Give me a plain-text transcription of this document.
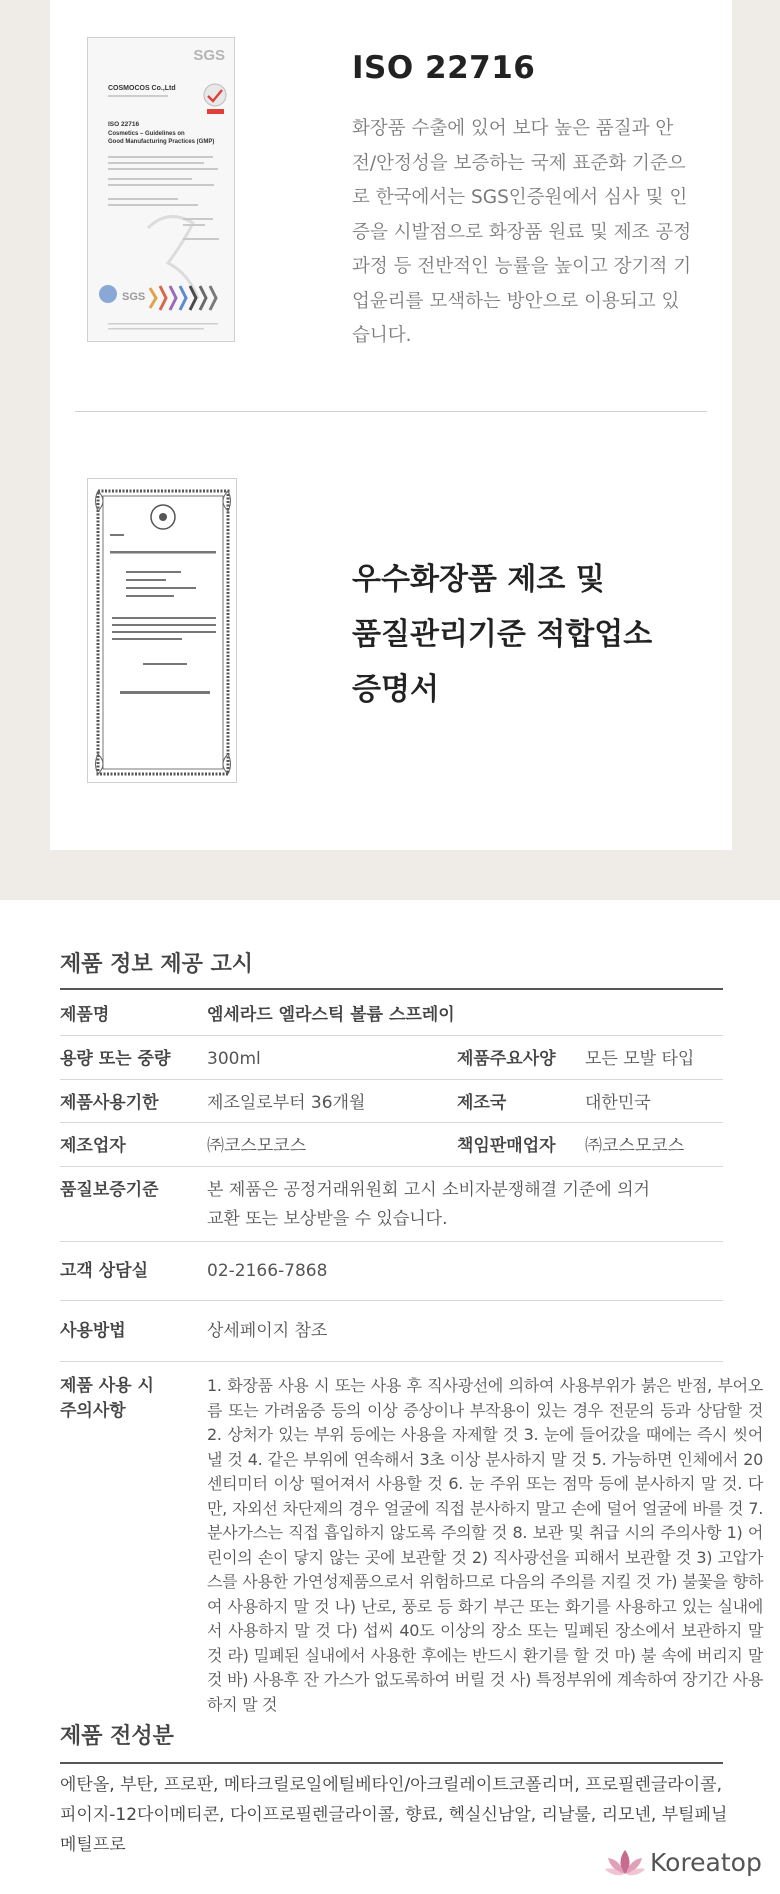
SGS
COSMOCOS Co.,Ltd
ISO 22716
Cosmetics – Guidelines on
Good Manufacturing Practices (GMP)
SGS
ISO 22716
화장품 수출에 있어 보다 높은 품질과 안전/안정성을 보증하는 국제 표준화 기준으로 한국에서는 SGS인증원에서 심사 및 인증을 시발점으로 화장품 원료 및 제조 공정과정 등 전반적인 능률을 높이고 장기적 기업윤리를 모색하는 방안으로 이용되고 있습니다.
우수화장품 제조 및
품질관리기준 적합업소
증명서
제품 정보 제공 고시
제품명	엠세라드 엘라스틱 볼륨 스프레이
용량 또는 중량 300ml	제품주요사양 모든 모발 타입
제품사용기한	제조일로부터 36개월	제조국	대한민국
제조업자	㈜코스모코스	책임판매업자 ㈜코스모코스
품질보증기준	본 제품은 공정거래위원회 고시 소비자분쟁해결 기준에 의거
교환 또는 보상받을 수 있습니다.
고객 상담실	02-2166-7868
사용방법	상세페이지 참조
제품 사용 시
주의사항
1. 화장품 사용 시 또는 사용 후 직사광선에 의하여 사용부위가 붉은 반점, 부어오름 또는 가려움증 등의 이상 증상이나 부작용이 있는 경우 전문의 등과 상담할 것 2. 상처가 있는 부위 등에는 사용을 자제할 것 3. 눈에 들어갔을 때에는 즉시 씻어낼 것 4. 같은 부위에 연속해서 3초 이상 분사하지 말 것 5. 가능하면 인체에서 20센티미터 이상 떨어져서 사용할 것 6. 눈 주위 또는 점막 등에 분사하지 말 것. 다만, 자외선 차단제의 경우 얼굴에 직접 분사하지 말고 손에 덜어 얼굴에 바를 것 7. 분사가스는 직접 흡입하지 않도록 주의할 것 8. 보관 및 취급 시의 주의사항 1) 어린이의 손이 닿지 않는 곳에 보관할 것 2) 직사광선을 피해서 보관할 것 3) 고압가스를 사용한 가연성제품으로서 위험하므로 다음의 주의를 지킬 것 가) 불꽃을 향하여 사용하지 말 것 나) 난로, 풍로 등 화기 부근 또는 화기를 사용하고 있는 실내에서 사용하지 말 것 다) 섭씨 40도 이상의 장소 또는 밀폐된 장소에서 보관하지 말 것 라) 밀폐된 실내에서 사용한 후에는 반드시 환기를 할 것 마) 불 속에 버리지 말 것 바) 사용후 잔 가스가 없도록하여 버릴 것 사) 특정부위에 계속하여 장기간 사용하지 말 것
제품 전성분
에탄올, 부탄, 프로판, 메타크릴로일에틸베타인/아크릴레이트코폴리머, 프로필렌글라이콜, 피이지-12다이메티콘, 다이프로필렌글라이콜, 향료, 헥실신남알, 리날룰, 리모넨, 부틸페닐메틸프로
Koreatop
